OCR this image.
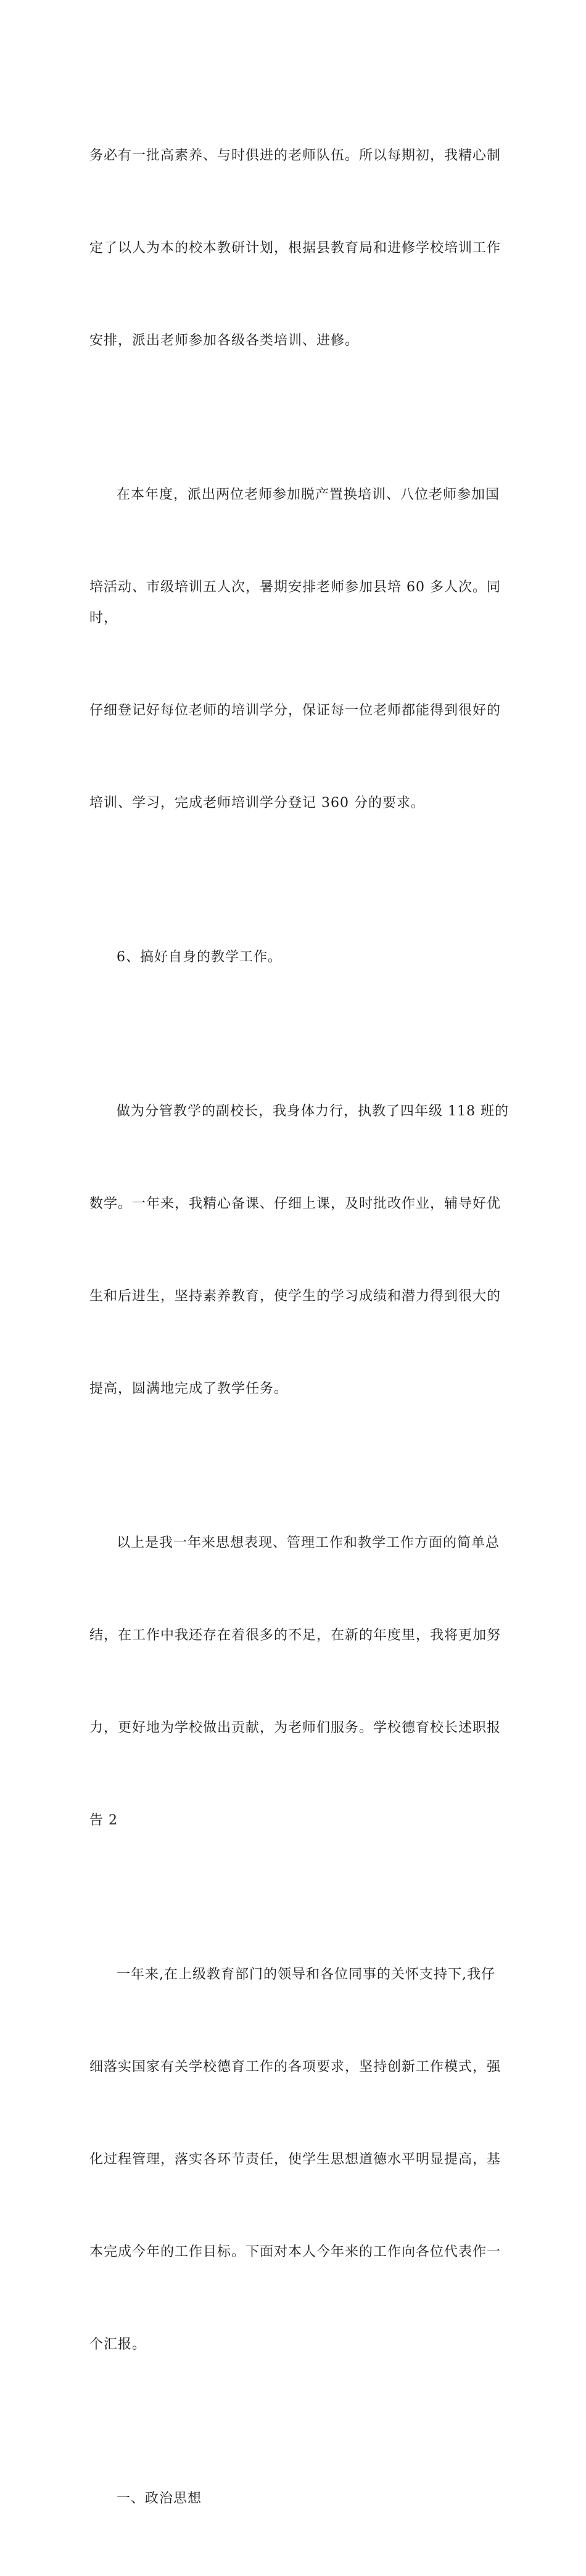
务必有一批高素养、与时俱进的老师队伍。所以每期初，我精心制

定了以人为本的校本教研计划，根据县教育局和进修学校培训工作

安排，派出老师参加各级各类培训、进修。

在本年度，派出两位老师参加脱产置换培训、八位老师参加国

培活动、市级培训五人次，暑期安排老师参加县培 60 多人次。同时，

仔细登记好每位老师的培训学分，保证每一位老师都能得到很好的

培训、学习，完成老师培训学分登记 360 分的要求。

6、搞好自身的教学工作。

做为分管教学的副校长，我身体力行，执教了四年级 118 班的

数学。一年来，我精心备课、仔细上课，及时批改作业，辅导好优

生和后进生，坚持素养教育，使学生的学习成绩和潜力得到很大的

提高，圆满地完成了教学任务。

以上是我一年来思想表现、管理工作和教学工作方面的简单总

结，在工作中我还存在着很多的不足，在新的年度里，我将更加努

力，更好地为学校做出贡献，为老师们服务。学校德育校长述职报

告 2

一年来,在上级教育部门的领导和各位同事的关怀支持下,我仔

细落实国家有关学校德育工作的各项要求，坚持创新工作模式，强

化过程管理，落实各环节责任，使学生思想道德水平明显提高，基

本完成今年的工作目标。下面对本人今年来的工作向各位代表作一

个汇报。

一、政治思想
